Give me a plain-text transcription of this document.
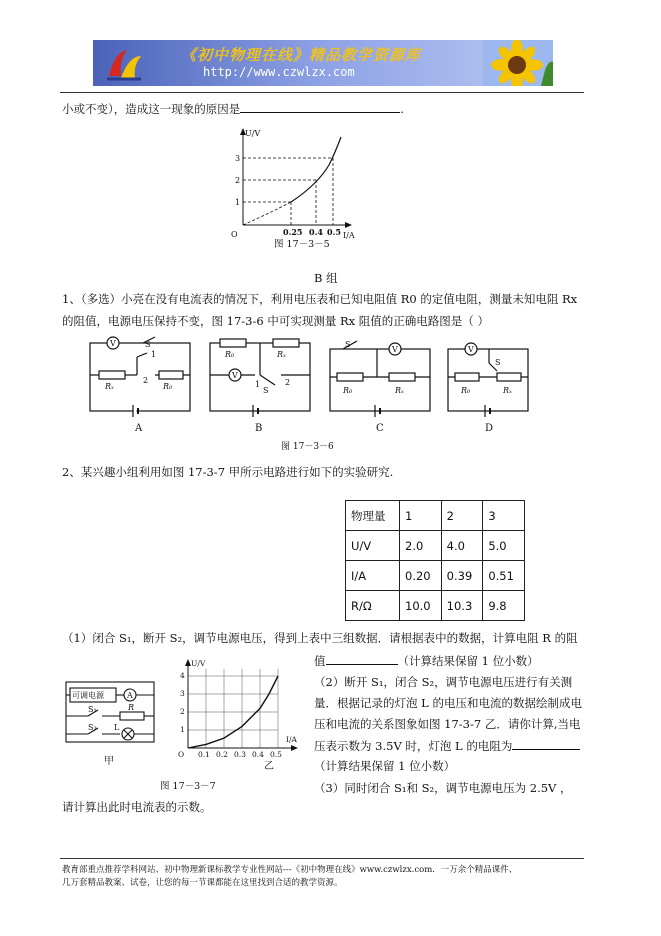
《初中物理在线》精品教学资源库
http://www.czwlzx.com
小或不变），造成这一现象的原因是	.
U/V
I/A
O
3
2
1
0.25 0.4 0.5
图 17－3－5
B 组
1、（多选）小亮在没有电流表的情况下，利用电压表和已知电阻值 R0 的定值电阻，测量未知电阻 Rx
的阻值，电源电压保持不变，图 17-3-6 中可实现测量 Rx 阻值的正确电路图是（ ）
V	S
1
2
Rₓ	R₀
R₀	Rₓ
V
S
1	2
S
V
R₀	Rₓ
V
S
R₀	Rₓ
A	B	C	D
图 17－3－6
2、某兴趣小组利用如图 17-3-7 甲所示电路进行如下的实验研究.
物理量	1	2	3
U/V	2.0	4.0	5.0
I/A	0.20	0.39	0.51
R/Ω	10.0	10.3	9.8
（1）闭合 S₁，断开 S₂，调节电源电压，得到上表中三组数据．请根据表中的数据，计算电阻 R 的阻
值	（计算结果保留 1 位小数）
（2）断开 S₁，闭合 S₂，调节电源电压进行有关测
量．根据记录的灯泡 L 的电压和电流的数据绘制成电
压和电流的关系图象如图 17-3-7 乙．请你计算,当电
压表示数为 3.5V 时，灯泡 L 的电阻为
（计算结果保留 1 位小数）
（3）同时闭合 S₁和 S₂，调节电源电压为 2.5V ，
请计算出此时电流表的示数。
可调电源	A
S₁	R
S₂ L
甲
U/V
I/A
O
4
3
2
1
0.1 0.2 0.3 0.4 0.5
乙
图 17－3－7
教育部重点推荐学科网站、初中物理新课标教学专业性网站---《初中物理在线》www.czwlzx.com．一万余个精品课件、
几万套精品教案、试卷，让您的每一节课都能在这里找到合适的教学资源。
